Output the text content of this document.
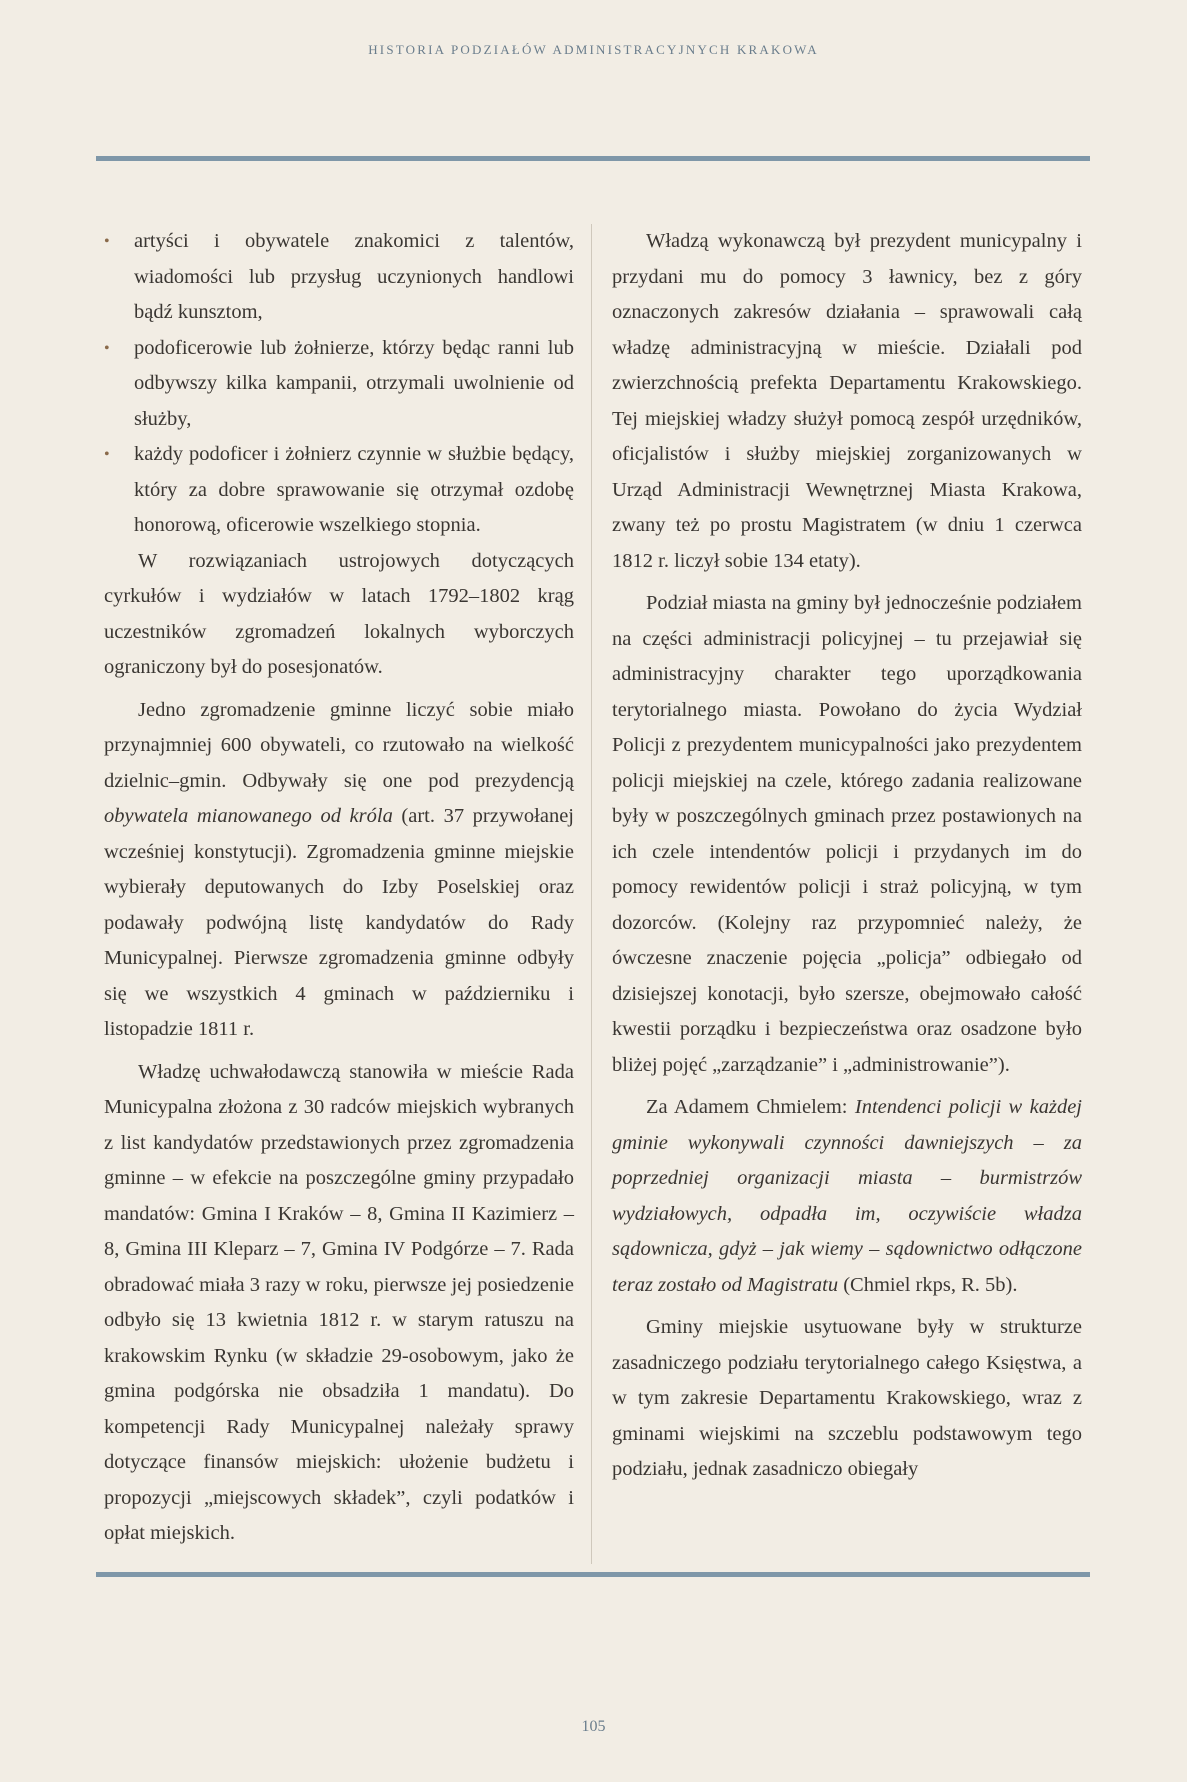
HISTORIA PODZIAŁÓW ADMINISTRACYJNYCH KRAKOWA
• artyści i obywatele znakomici z talentów, wiadomości lub przysług uczynionych handlowi bądź kunsztom,
• podoficerowie lub żołnierze, którzy będąc ranni lub odbywszy kilka kampanii, otrzymali uwolnienie od służby,
• każdy podoficer i żołnierz czynnie w służbie będący, który za dobre sprawowanie się otrzymał ozdobę honorową, oficerowie wszelkiego stopnia.

W rozwiązaniach ustrojowych dotyczących cyrkułów i wydziałów w latach 1792–1802 krąg uczestników zgromadzeń lokalnych wyborczych ograniczony był do posesjonatów.

Jedno zgromadzenie gminne liczyć sobie miało przynajmniej 600 obywateli, co rzutowało na wielkość dzielnic–gmin. Odbywały się one pod prezydencją obywatela mianowanego od króla (art. 37 przywołanej wcześniej konstytucji). Zgromadzenia gminne miejskie wybierały deputowanych do Izby Poselskiej oraz podawały podwójną listę kandydatów do Rady Municypalnej. Pierwsze zgromadzenia gminne odbyły się we wszystkich 4 gminach w październiku i listopadzie 1811 r.

Władzę uchwałodawczą stanowiła w mieście Rada Municypalna złożona z 30 radców miejskich wybranych z list kandydatów przedstawionych przez zgromadzenia gminne – w efekcie na poszczególne gminy przypadało mandatów: Gmina I Kraków – 8, Gmina II Kazimierz – 8, Gmina III Kleparz – 7, Gmina IV Podgórze – 7. Rada obradować miała 3 razy w roku, pierwsze jej posiedzenie odbyło się 13 kwietnia 1812 r. w starym ratuszu na krakowskim Rynku (w składzie 29-osobowym, jako że gmina podgórska nie obsadziła 1 mandatu). Do kompetencji Rady Municypalnej należały sprawy dotyczące finansów miejskich: ułożenie budżetu i propozycji „miejscowych składek”, czyli podatków i opłat miejskich.

Władzą wykonawczą był prezydent municypalny i przydani mu do pomocy 3 ławnicy, bez z góry oznaczonych zakresów działania – sprawowali całą władzę administracyjną w mieście. Działali pod zwierzchnością prefekta Departamentu Krakowskiego. Tej miejskiej władzy służył pomocą zespół urzędników, oficjalistów i służby miejskiej zorganizowanych w Urząd Administracji Wewnętrznej Miasta Krakowa, zwany też po prostu Magistratem (w dniu 1 czerwca 1812 r. liczył sobie 134 etaty).

Podział miasta na gminy był jednocześnie podziałem na części administracji policyjnej – tu przejawiał się administracyjny charakter tego uporządkowania terytorialnego miasta. Powołano do życia Wydział Policji z prezydentem municypalności jako prezydentem policji miejskiej na czele, którego zadania realizowane były w poszczególnych gminach przez postawionych na ich czele intendentów policji i przydanych im do pomocy rewidentów policji i straż policyjną, w tym dozorców. (Kolejny raz przypomnieć należy, że ówczesne znaczenie pojęcia „policja” odbiegało od dzisiejszej konotacji, było szersze, obejmowało całość kwestii porządku i bezpieczeństwa oraz osadzone było bliżej pojęć „zarządzanie” i „administrowanie”).

Za Adamem Chmielem: Intendenci policji w każdej gminie wykonywali czynności dawniejszych – za poprzedniej organizacji miasta – burmistrzów wydziałowych, odpadła im, oczywiście władza sądownicza, gdyż – jak wiemy – sądownictwo odłączone teraz zostało od Magistratu (Chmiel rkps, R. 5b).

Gminy miejskie usytuowane były w strukturze zasadniczego podziału terytorialnego całego Księstwa, a w tym zakresie Departamentu Krakowskiego, wraz z gminami wiejskimi na szczeblu podstawowym tego podziału, jednak zasadniczo obiegały

105
